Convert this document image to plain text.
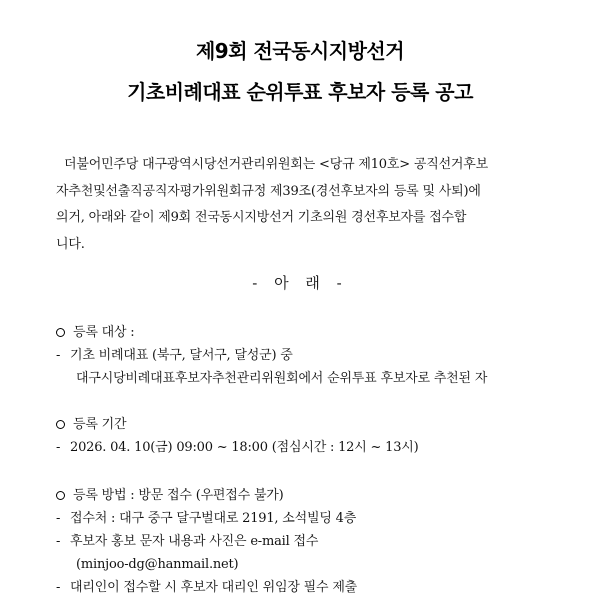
제9회 전국동시지방선거
기초비례대표 순위투표 후보자 등록 공고
더불어민주당 대구광역시당선거관리위원회는 <당규 제10호> 공직선거후보
자추천및선출직공직자평가위원회규정 제39조(경선후보자의 등록 및 사퇴)에
의거, 아래와 같이 제9회 전국동시지방선거 기초의원 경선후보자를 접수합
니다.
- 아 래 -
등록 대상 :
- 기초 비례대표 (북구, 달서구, 달성군) 중
대구시당비례대표후보자추천관리위원회에서 순위투표 후보자로 추천된 자
등록 기간
- 2026. 04. 10(금) 09:00 ~ 18:00 (점심시간 : 12시 ~ 13시)
등록 방법 : 방문 접수 (우편접수 불가)
- 접수처 : 대구 중구 달구벌대로 2191, 소석빌딩 4층
- 후보자 홍보 문자 내용과 사진은 e-mail 접수
(minjoo-dg@hanmail.net)
- 대리인이 접수할 시 후보자 대리인 위임장 필수 제출
